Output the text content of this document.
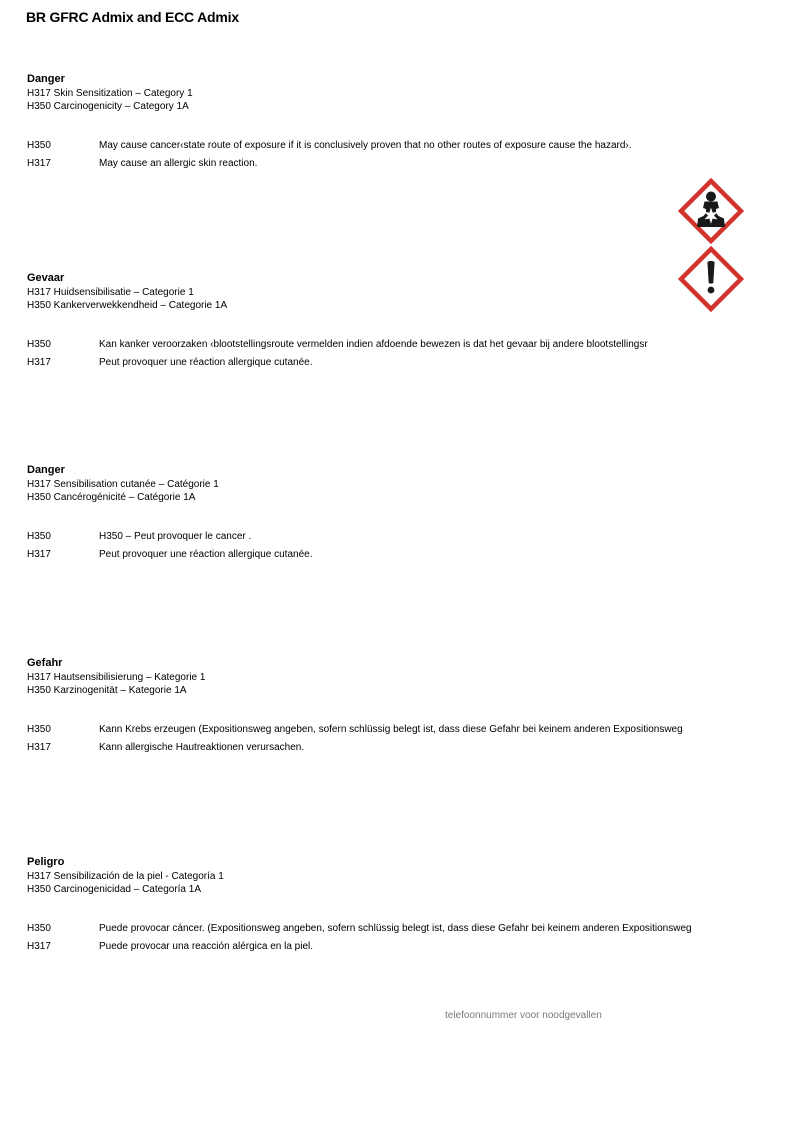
BR GFRC Admix and ECC Admix
Danger
H317 Skin Sensitization – Category 1
H350 Carcinogenicity – Category 1A
H350	May cause cancer‹state route of exposure if it is conclusively proven that no other routes of exposure cause the hazard›.
H317	May cause an allergic skin reaction.
Gevaar
H317 Huidsensibilisatie – Categorie 1
H350 Kankerverwekkendheid – Categorie 1A
H350	Kan kanker veroorzaken ‹blootstellingsroute vermelden indien afdoende bewezen is dat het gevaar bij andere blootstellingsr
H317	Peut provoquer une réaction allergique cutanée.
Danger
H317 Sensibilisation cutanée – Catégorie 1
H350 Cancérogénicité – Catégorie 1A
H350	H350 – Peut provoquer le cancer .
H317	Peut provoquer une réaction allergique cutanée.
Gefahr
H317 Hautsensibilisierung – Kategorie 1
H350 Karzinogenität – Kategorie 1A
H350	Kann Krebs erzeugen (Expositionsweg angeben, sofern schlüssig belegt ist, dass diese Gefahr bei keinem anderen Expositionsweg
H317	Kann allergische Hautreaktionen verursachen.
Peligro
H317 Sensibilización de la piel - Categoría 1
H350 Carcinogenicidad – Categoría 1A
H350	Puede provocar cáncer. (Expositionsweg angeben, sofern schlüssig belegt ist, dass diese Gefahr bei keinem anderen Expositionsweg
H317	Puede provocar una reacción alérgica en la piel.
telefoonnummer voor noodgevallen
